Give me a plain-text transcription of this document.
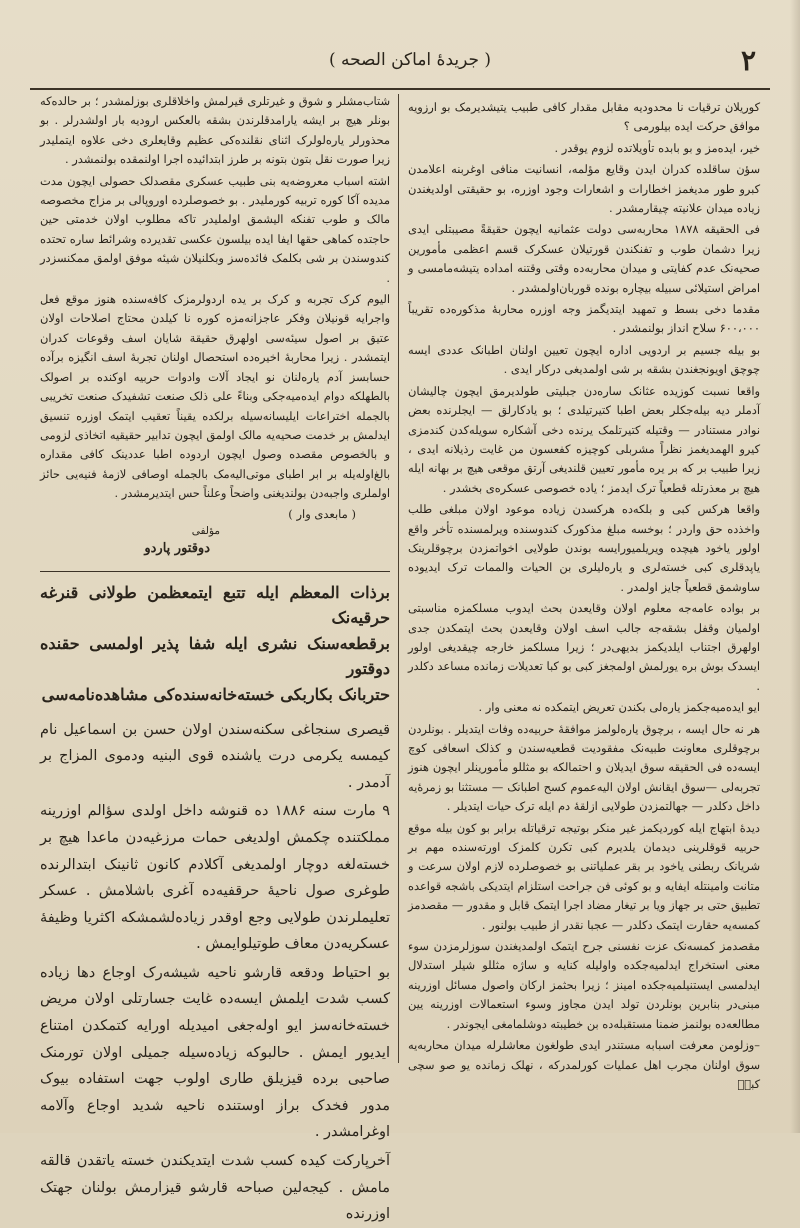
۲
( جریدۀ اماکن الصحه )

کوریلان ترقیات نا محدودیه مقابل مقدار کافی طبیب یتیشدیرمک بو ارزویه موافق حرکت ایده بیلورمی ؟

خیر، ایده‌مز و بو بابده تأویلاتده لزوم یوقدر .

سؤن ساقلده کدران ایدن وقایع مؤلمه، انسانیت منافی اوغربنه اعلامدن کبرو طور مدیغمز اخطارات و اشعارات وجود اوزره، بو حقیقتی اولدیغندن زیاده میدان علانیته چیقارمشدر .

فی الحقیقه ۱۸۷۸ محاربه‌سی دولت عثمانیه ایچون حقیقةً مصیبتلی ایدی زیرا دشمان طوب و تفنکندن قورتیلان عسکرک قسم اعظمی مأمورین صحیه‌نک عدم کفایتی و میدان محاربه‌ده وقتی وقتنه امداده یتیشه‌مامسی و امراض استیلائی سبیله بیچاره بونده قوربان‌اولمشدر .

مقدما دخی بسط و تمهید ایتدیگمز وجه اوزره محاربۀ مذکوره‌ده تقریباً ۶۰۰،۰۰۰ سلاح انداز بولنمشدر .

بو بیله جسیم بر اردویی اداره ایچون تعیین اولنان اطبانک عددی ایسه چوچق اویونجغندن بشقه بر شی اولمدیغی درکار ایدی .

واقعا نسبت کوزیده عثانک ساره‌دن جبلیتی طولدیرمق ایچون چالیشان آدملر دیه بیله‌جکلر بعض اطبا کتیرتیلدی ؛ بو یادکارلق — ایجلرنده بعض نوادر مستنادر — وقتیله کتیرتلمک یرنده دخی آشکاره سویله‌کدن کندمزی کیرو الهمدیغمز نظراً مشربلی کوچیزه کفعسون من غایت رذیلانه ایدی ، زیرا طبیب بر که بر یره مأمور تعیین قلندیغی آرتق موقعی هیچ بر بهانه ایله هیچ بر معذرتله قطعیاً ترک ایدمز ؛ یاده خصوصی عسکره‌ی بخشدر .

واقعا هرکس کبی و بلکه‌ده هرکسدن زیاده موعود اولان مبلغی طلب واخذده حق واردر ؛ بوخسه مبلغ مذکورک کندوسنده ویرلمسنده تأخر واقع اولور یاخود هیچده ویریلمیورایسه بوندن طولایی اخواتمزدن برچوقلرینک یاپدقلری کبی خسته‌لری و یاره‌لیلری بن الحیات والممات ترک ایدیوده ساوشمق قطعیاً جایز اولمدر .

بر بواده عامه‌جه معلوم اولان وقایعدن بحث ایدوب مسلکمزه مناسبتی اولمیان وقفل بشقه‌جه جالب اسف اولان وقایعدن بحث ایتمکدن جدی اولهرق اجتناب ایلدیکمز بدیهی‌در ؛ زیرا مسلکمز خارجه چیقدیغی اولور ایسدک بوش بره یورلمش اولمجغز کبی بو کبا تعدیلات زمانده مساعد دکلدر .

ایو ایده‌میه‌جکمز یاره‌لی بکندن تعریض ایتمکده نه معنی وار .

هر نه حال ایسه ، برچوق یاره‌لولمز موافقۀ حربیه‌ده وفات ایتدیلر . بونلردن برچوقلری معاونت طبیه‌نک مفقودیت قطعیه‌سندن و کذلک اسعافی کوچ ایسه‌ده فی الحقیقه سوق ایدیلان و احتمالکه بو مثللو مأمورینلر ایچون هنوز تجربه‌لی —سوق ایقانش اولان الیه‌عموم کسح اطبانک — مستثنا بو زمرۀ‌یه داخل دکلدر — جهالتمزدن طولایی ازلقۀ دم ایله ترک حیات ایتدیلر .

دیدۀ ابتهاج ایله کوردیکمز غیر منکر بوتیجه ترقیاتله برابر بو کون بیله موقع حربیه قوقلرینی دیدمان یلدیرم کبی تکرن کلمزک اورته‌سنده مهم بر شریانک ربطنی یاخود بر بقر عملیاتنی بو خصوصلرده لازم اولان سرعت و متانت وامینتله ایفایه و بو کوئی فن جراحت استلزام ایتدیکی باشجه قواعده تطبیق حتی بر جهاز ویا بر تیغار مضاد اجرا ایتمک قابل و مقدور — مقصدمز کمسه‌یه حقارت ایتمک دکلدر — عجبا نقدر از طبیب بولنور .

مقصدمز کمسه‌نک عزت نفسنی جرح ایتمک اولمدیغندن سوزلرمزدن سوء معنی استخراج ایدلمیه‌جکده واولیله کنایه و ساژه مثللو شیلر استدلال ایدلمسی ایستنیلمیه‌جکده امینز ؛ زیرا بحثمز ارکان واصول مسائل اوزرینه مبنی‌در بنابرین بونلردن تولد ایدن مجاوز وسوء استعمالات اوزرینه یین مطالعه‌ده بولنمز ضمنا مستقبله‌ده بن خطیبته دوشلمامغی ایجوندر .

–وزلومن معرفت اسبابه مستندر ایدی طولغون معاشلرله میدان محاربه‌یه سوق اولنان مجرب اهل عملیات کورلمدرکه ، نهلک زمانده یو صو سچی کبیؑ

شتاب‌مشلر و شوق و غیرتلری قیرلمش واخلاقلری بوزلمشدر ؛ بر حالده‌که بونلر هیچ بر ایشه یارامدقلرندن بشقه بالعکس ارودیه بار اولشدرلر . بو محذورلر یاره‌لولرک اثنای نقلنده‌کی عظیم وقایعلری دخی علاوه ایتملیدر زیرا صورت نقل بتون بتونه بر طرز ابتدائیده اجرا اولنمقده بولنمشدر .

اشته اسباب معروضه‌یه بنی طبیب عسکری مقصدلک حصولی ایچون مدت مدیده آکا کوره تربیه کورملیدر . بو خصوصلرده اوروپالی بر مزاج مخصوصه مالک و طوب تفنکه الیشمق اولملیدر تاکه مطلوب اولان خدمتی حین حاجتده کماهی حقها ایفا ایده بیلسون عکسی تقدیرده وشرائط ساره تحتده کندوسندن بر شی بکلمک فائده‌سز وبکلنیلان شیئه موفق اولمق ممکنسزدر .

الیوم کرک تجربه و کرک بر یده اردولرمزک کافه‌سنده هنوز موقع فعل واجرایه قونیلان وفکر عاجزانه‌مزه کوره نا کیلدن محتاج اصلاحات اولان عتیق بر اصول سیئه‌سی اولهرق حقیقة شایان اسف وقوعات کدران ایتمشدر . زیرا محاربۀ اخیره‌ده استحصال اولنان تجربۀ اسف انگیزه برآده حسابسز آدم یاره‌لنان نو ایجاد آلات وادوات حربیه اوکنده بر اصولک بالطهلکه دوام ایده‌میه‌جکی وبناءً علی ذلک صنعت تشفیدک صنعت تخریبی بالجمله اختراعات ایلیسانه‌سیله برلکده یقیناً تعقیب ایتمک اوزره تنسیق ایدلمش بر خدمت صحیه‌یه مالک اولمق ایچون تدابیر حقیقیه اتخاذی لزومی و بالخصوص مقصده وصول ایچون اردوده اطبا عددینک کافی مقداره بالغ‌اوله‌یله بر ابر اطبای موتی‌الیه‌مک بالجمله اوصافی لازمۀ فنیه‌یی حائز اولملری واجبه‌دن بولندیغنی واضحاً وعلناً حس ایتدیرمشدر .

( مابعدی وار )
مؤلفی
دوقتور پاردو
برذات المعظم ایله تتبع ایتمعظمن طولانی قنرغه حرقیه‌نک
برقطعه‌سنک نشری ایله شفا پذیر اولمسی حقنده دوقتور
حتربانک بکاربکی خسته‌خانه‌سنده‌کی مشاهده‌نامه‌سی

قیصری سنجاغی سکنه‌سندن اولان حسن بن اسماعیل نام کیمسه یکرمی درت یاشنده قوی البنیه ودموی المزاج بر آدمدر .

۹ مارت سنه ۱۸۸۶ ده قنوشه داخل اولدی سؤالم اوزرینه مملکتنده چکمش اولدیغی حمات مرزغیه‌دن ماعدا هیچ بر خسته‌لغه دوچار اولمدیغی آکلادم کانون ثانینک ابتدالرنده طوغری صول ناحیۀ حرقفیه‌ده آغری باشلامش . عسکر تعلیملرندن طولایی وجع اوقدر زیاده‌لشمشکه اکثریا وظیفۀ عسکریه‌دن معاف طوتیلوایمش .

بو احتیاط ودقعه قارشو ناحیه شیشه‌رک اوجاع دها زیاده کسب شدت ایلمش ایسه‌ده غایت جسارتلی اولان مریض خسته‌خانه‌سز ایو اوله‌جغی امیدیله اورایه کتمکدن امتناع ایدیور ایمش . حالبوکه زیاده‌سیله جمیلی اولان تورمنک صاحبی برده قیزیلق طاری اولوب جهت استفاده بیوک مدور فخدک براز اوستنده ناحیه شدید اوجاع وآلامه اوغرامشدر .

آخرپارکت کیده کسب شدت ایتدیکندن خسته یاتقدن قالقه‌ مامش . کیجه‌لین صباحه قارشو قیزارمش بولنان جهتک اوزرنده
